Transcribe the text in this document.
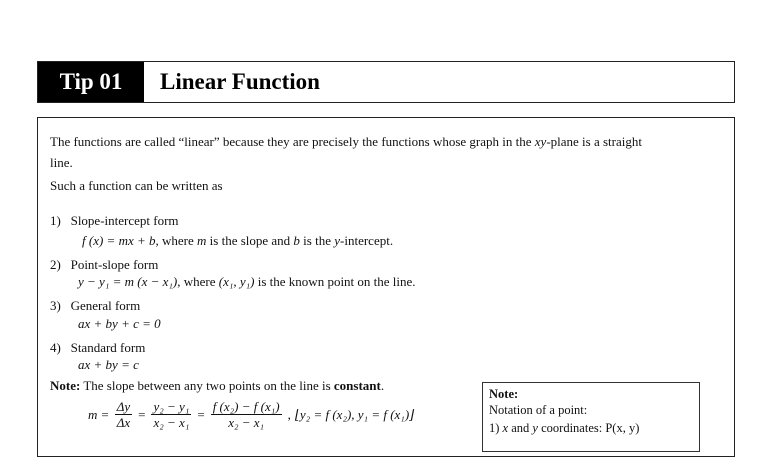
Tip 01	Linear Function
The functions are called “linear” because they are precisely the functions whose graph in the xy-plane is a straight
line.
Such a function can be written as
1) Slope-intercept form
f (x) = mx + b, where m is the slope and b is the y-intercept.
2) Point-slope form
y − y₁ = m (x − x₁), where (x₁, y₁) is the known point on the line.
3) General form
ax + by + c = 0
4) Standard form
ax + by = c
Note: The slope between any two points on the line is constant.
$m = \frac{\Delta y}{\Delta x} = \frac{\text{y₂ − y₁}}{\text{x₂ − x₁}} = \frac{\text{f (x₂) − f (x₁)}}{\text{x₂ − x₁}}$ , ⌊y₂ = f (x₂), y₁ = f (x₁)⌋
Note:
Notation of a point:
1) x and y coordinates: P(x, y)
